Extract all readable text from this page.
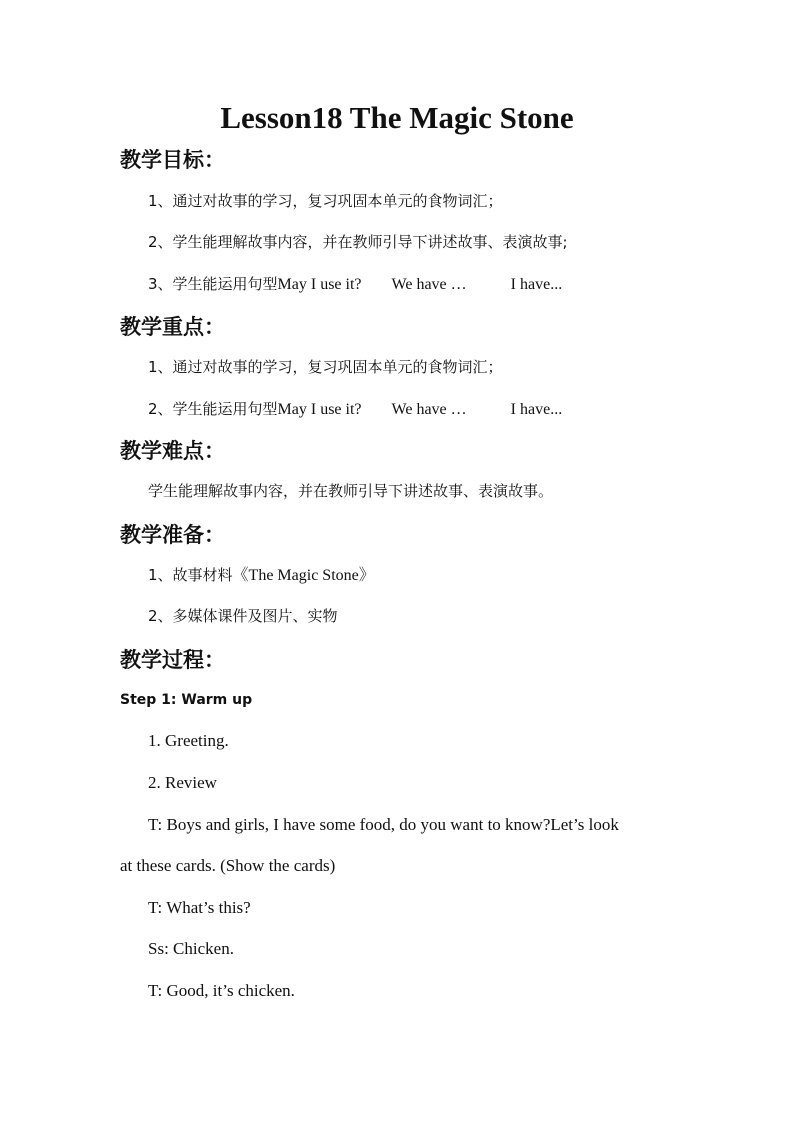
Lesson18 The Magic Stone
教学目标：
1、通过对故事的学习，复习巩固本单元的食物词汇；
2、学生能理解故事内容，并在教师引导下讲述故事、表演故事;
3、学生能运用句型May I use it? We have …	I have...
教学重点：
1、通过对故事的学习，复习巩固本单元的食物词汇；
2、学生能运用句型May I use it? We have …	I have...
教学难点：
学生能理解故事内容，并在教师引导下讲述故事、表演故事。
教学准备：
1、故事材料《The Magic Stone》
2、多媒体课件及图片、实物
教学过程：
Step 1: Warm up
1. Greeting.
2. Review
T: Boys and girls, I have some food, do you want to know?Let’s look
at these cards. (Show the cards)
T: What’s this?
Ss: Chicken.
T: Good, it’s chicken.
